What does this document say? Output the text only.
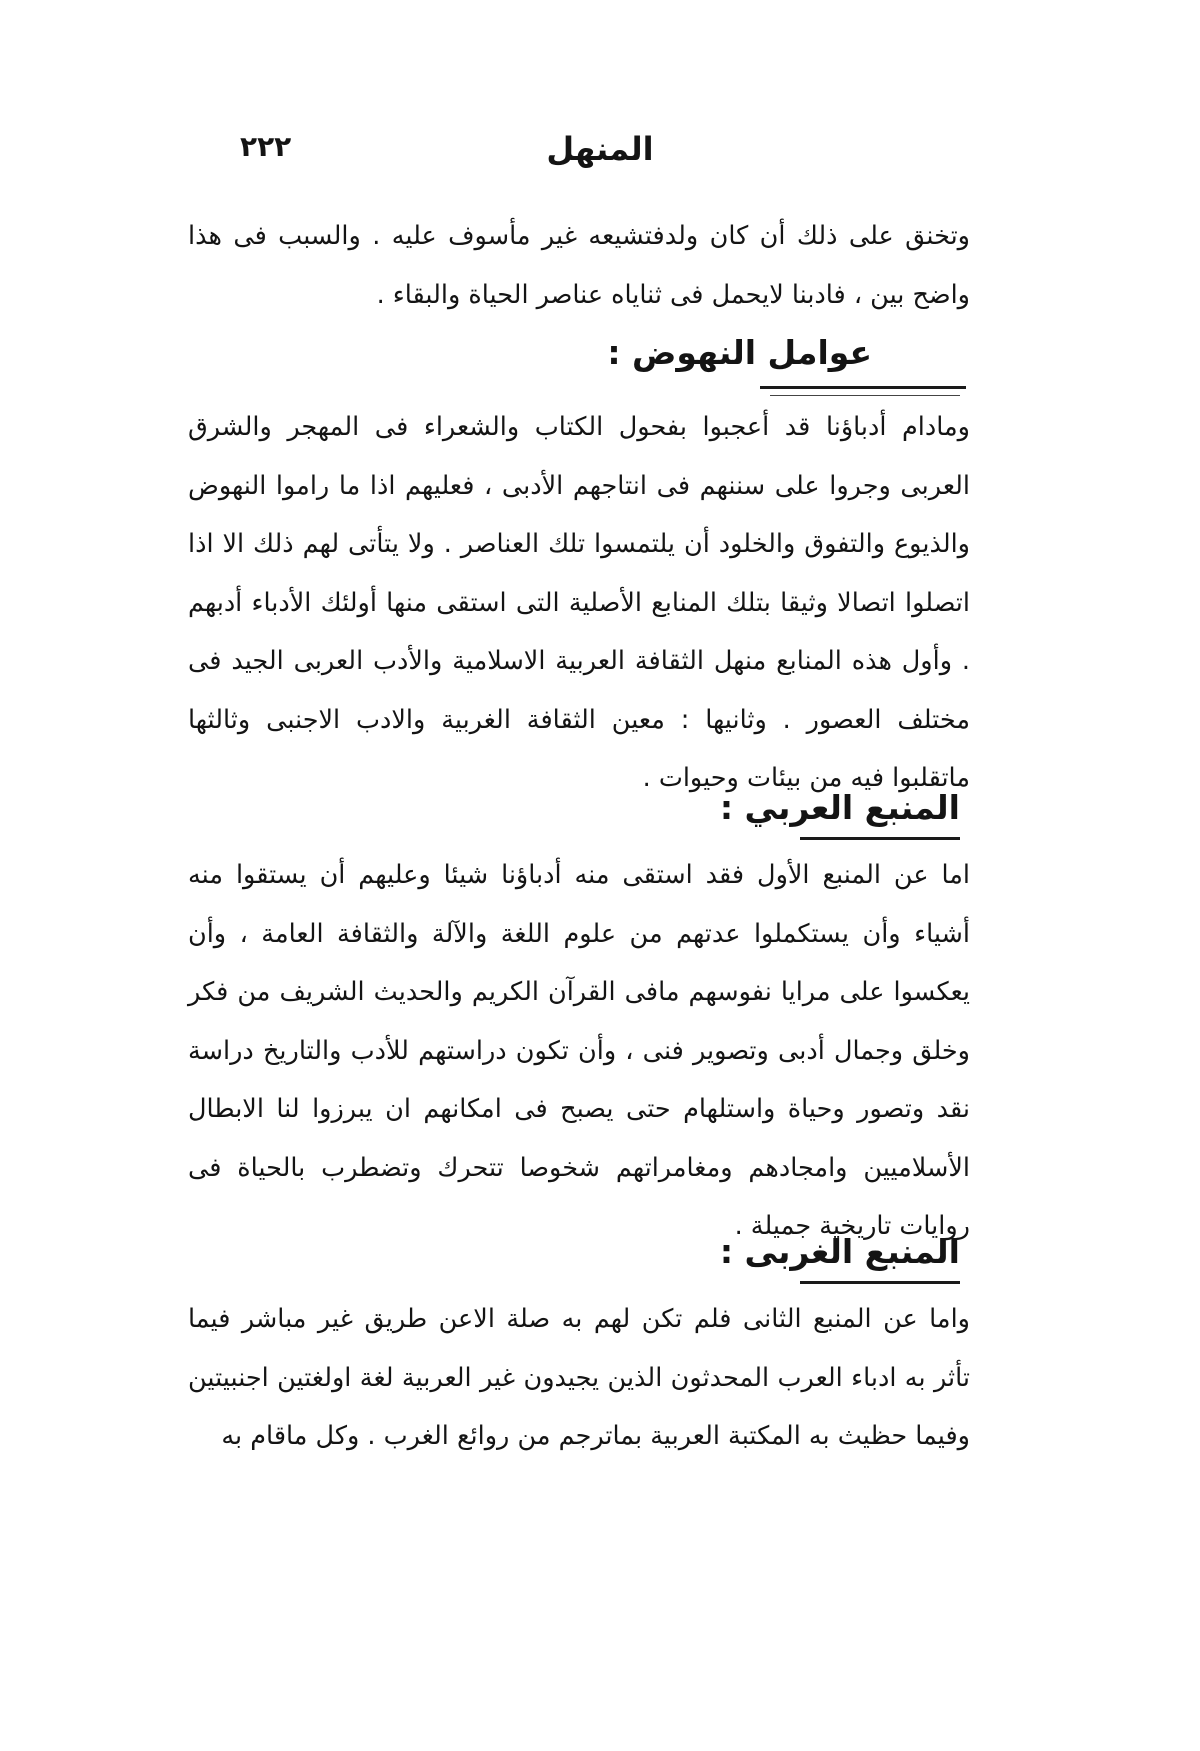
٢٢٢	المنهل
وتخنق على ذلك أن كان ولدفتشيعه غير مأسوف عليه . والسبب فى هذا واضح بين ، فادبنا لايحمل فى ثناياه عناصر الحياة والبقاء .
عوامل النهوض :
ومادام أدباؤنا قد أعجبوا بفحول الكتاب والشعراء فى المهجر والشرق العربى وجروا على سننهم فى انتاجهم الأدبى ، فعليهم اذا ما راموا النهوض والذيوع والتفوق والخلود أن يلتمسوا تلك العناصر . ولا يتأتى لهم ذلك الا اذا اتصلوا اتصالا وثيقا بتلك المنابع الأصلية التى استقى منها أولئك الأدباء أدبهم . وأول هذه المنابع منهل الثقافة العربية الاسلامية والأدب العربى الجيد فى مختلف العصور . وثانيها : معين الثقافة الغربية والادب الاجنبى وثالثها ماتقلبوا فيه من بيئات وحيوات .
المنبع العربي :
اما عن المنبع الأول فقد استقى منه أدباؤنا شيئا وعليهم أن يستقوا منه أشياء وأن يستكملوا عدتهم من علوم اللغة والآلة والثقافة العامة ، وأن يعكسوا على مرايا نفوسهم مافى القرآن الكريم والحديث الشريف من فكر وخلق وجمال أدبى وتصوير فنى ، وأن تكون دراستهم للأدب والتاريخ دراسة نقد وتصور وحياة واستلهام حتى يصبح فى امكانهم ان يبرزوا لنا الابطال الأسلاميين وامجادهم ومغامراتهم شخوصا تتحرك وتضطرب بالحياة فى روايات تاريخية جميلة .
المنبع الغربى :
واما عن المنبع الثانى فلم تكن لهم به صلة الاعن طريق غير مباشر فيما تأثر به ادباء العرب المحدثون الذين يجيدون غير العربية لغة اولغتين اجنبيتين وفيما حظيث به المكتبة العربية بماترجم من روائع الغرب . وكل ماقام به
